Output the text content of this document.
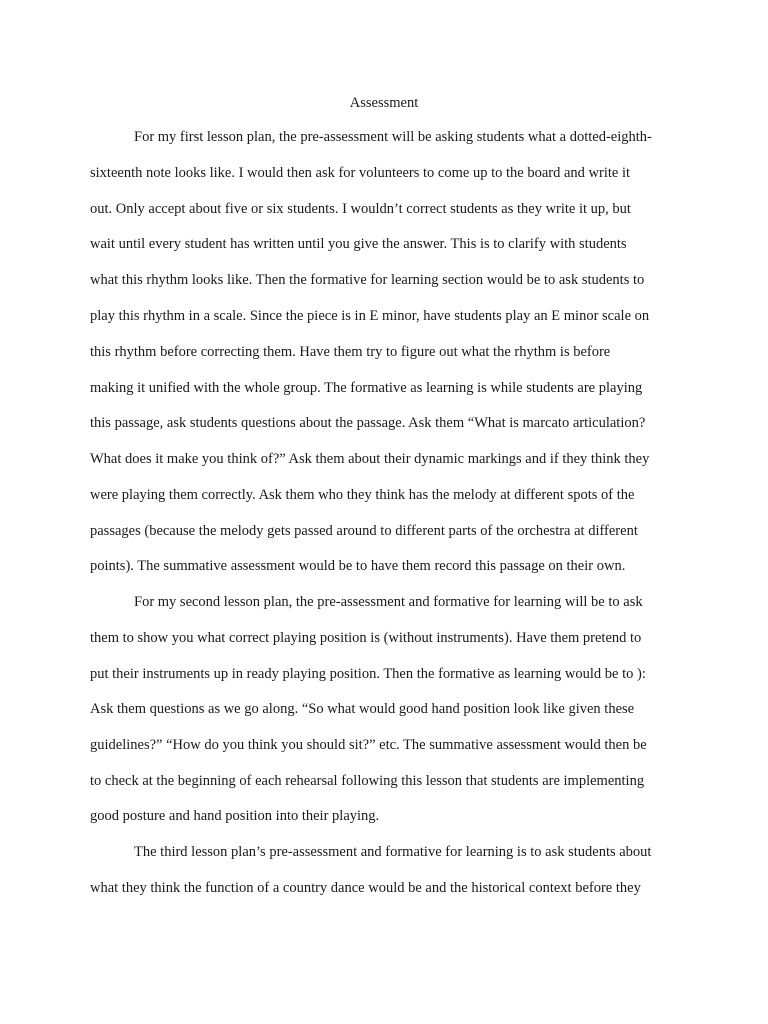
Assessment
For my first lesson plan, the pre-assessment will be asking students what a dotted-eighth-
sixteenth note looks like. I would then ask for volunteers to come up to the board and write it
out. Only accept about five or six students. I wouldn’t correct students as they write it up, but
wait until every student has written until you give the answer. This is to clarify with students
what this rhythm looks like. Then the formative for learning section would be to ask students to
play this rhythm in a scale. Since the piece is in E minor, have students play an E minor scale on
this rhythm before correcting them. Have them try to figure out what the rhythm is before
making it unified with the whole group. The formative as learning is while students are playing
this passage, ask students questions about the passage. Ask them “What is marcato articulation?
What does it make you think of?” Ask them about their dynamic markings and if they think they
were playing them correctly. Ask them who they think has the melody at different spots of the
passages (because the melody gets passed around to different parts of the orchestra at different
points). The summative assessment would be to have them record this passage on their own.
For my second lesson plan, the pre-assessment and formative for learning will be to ask
them to show you what correct playing position is (without instruments). Have them pretend to
put their instruments up in ready playing position. Then the formative as learning would be to ):
Ask them questions as we go along. “So what would good hand position look like given these
guidelines?” “How do you think you should sit?” etc. The summative assessment would then be
to check at the beginning of each rehearsal following this lesson that students are implementing
good posture and hand position into their playing.
The third lesson plan’s pre-assessment and formative for learning is to ask students about
what they think the function of a country dance would be and the historical context before they
